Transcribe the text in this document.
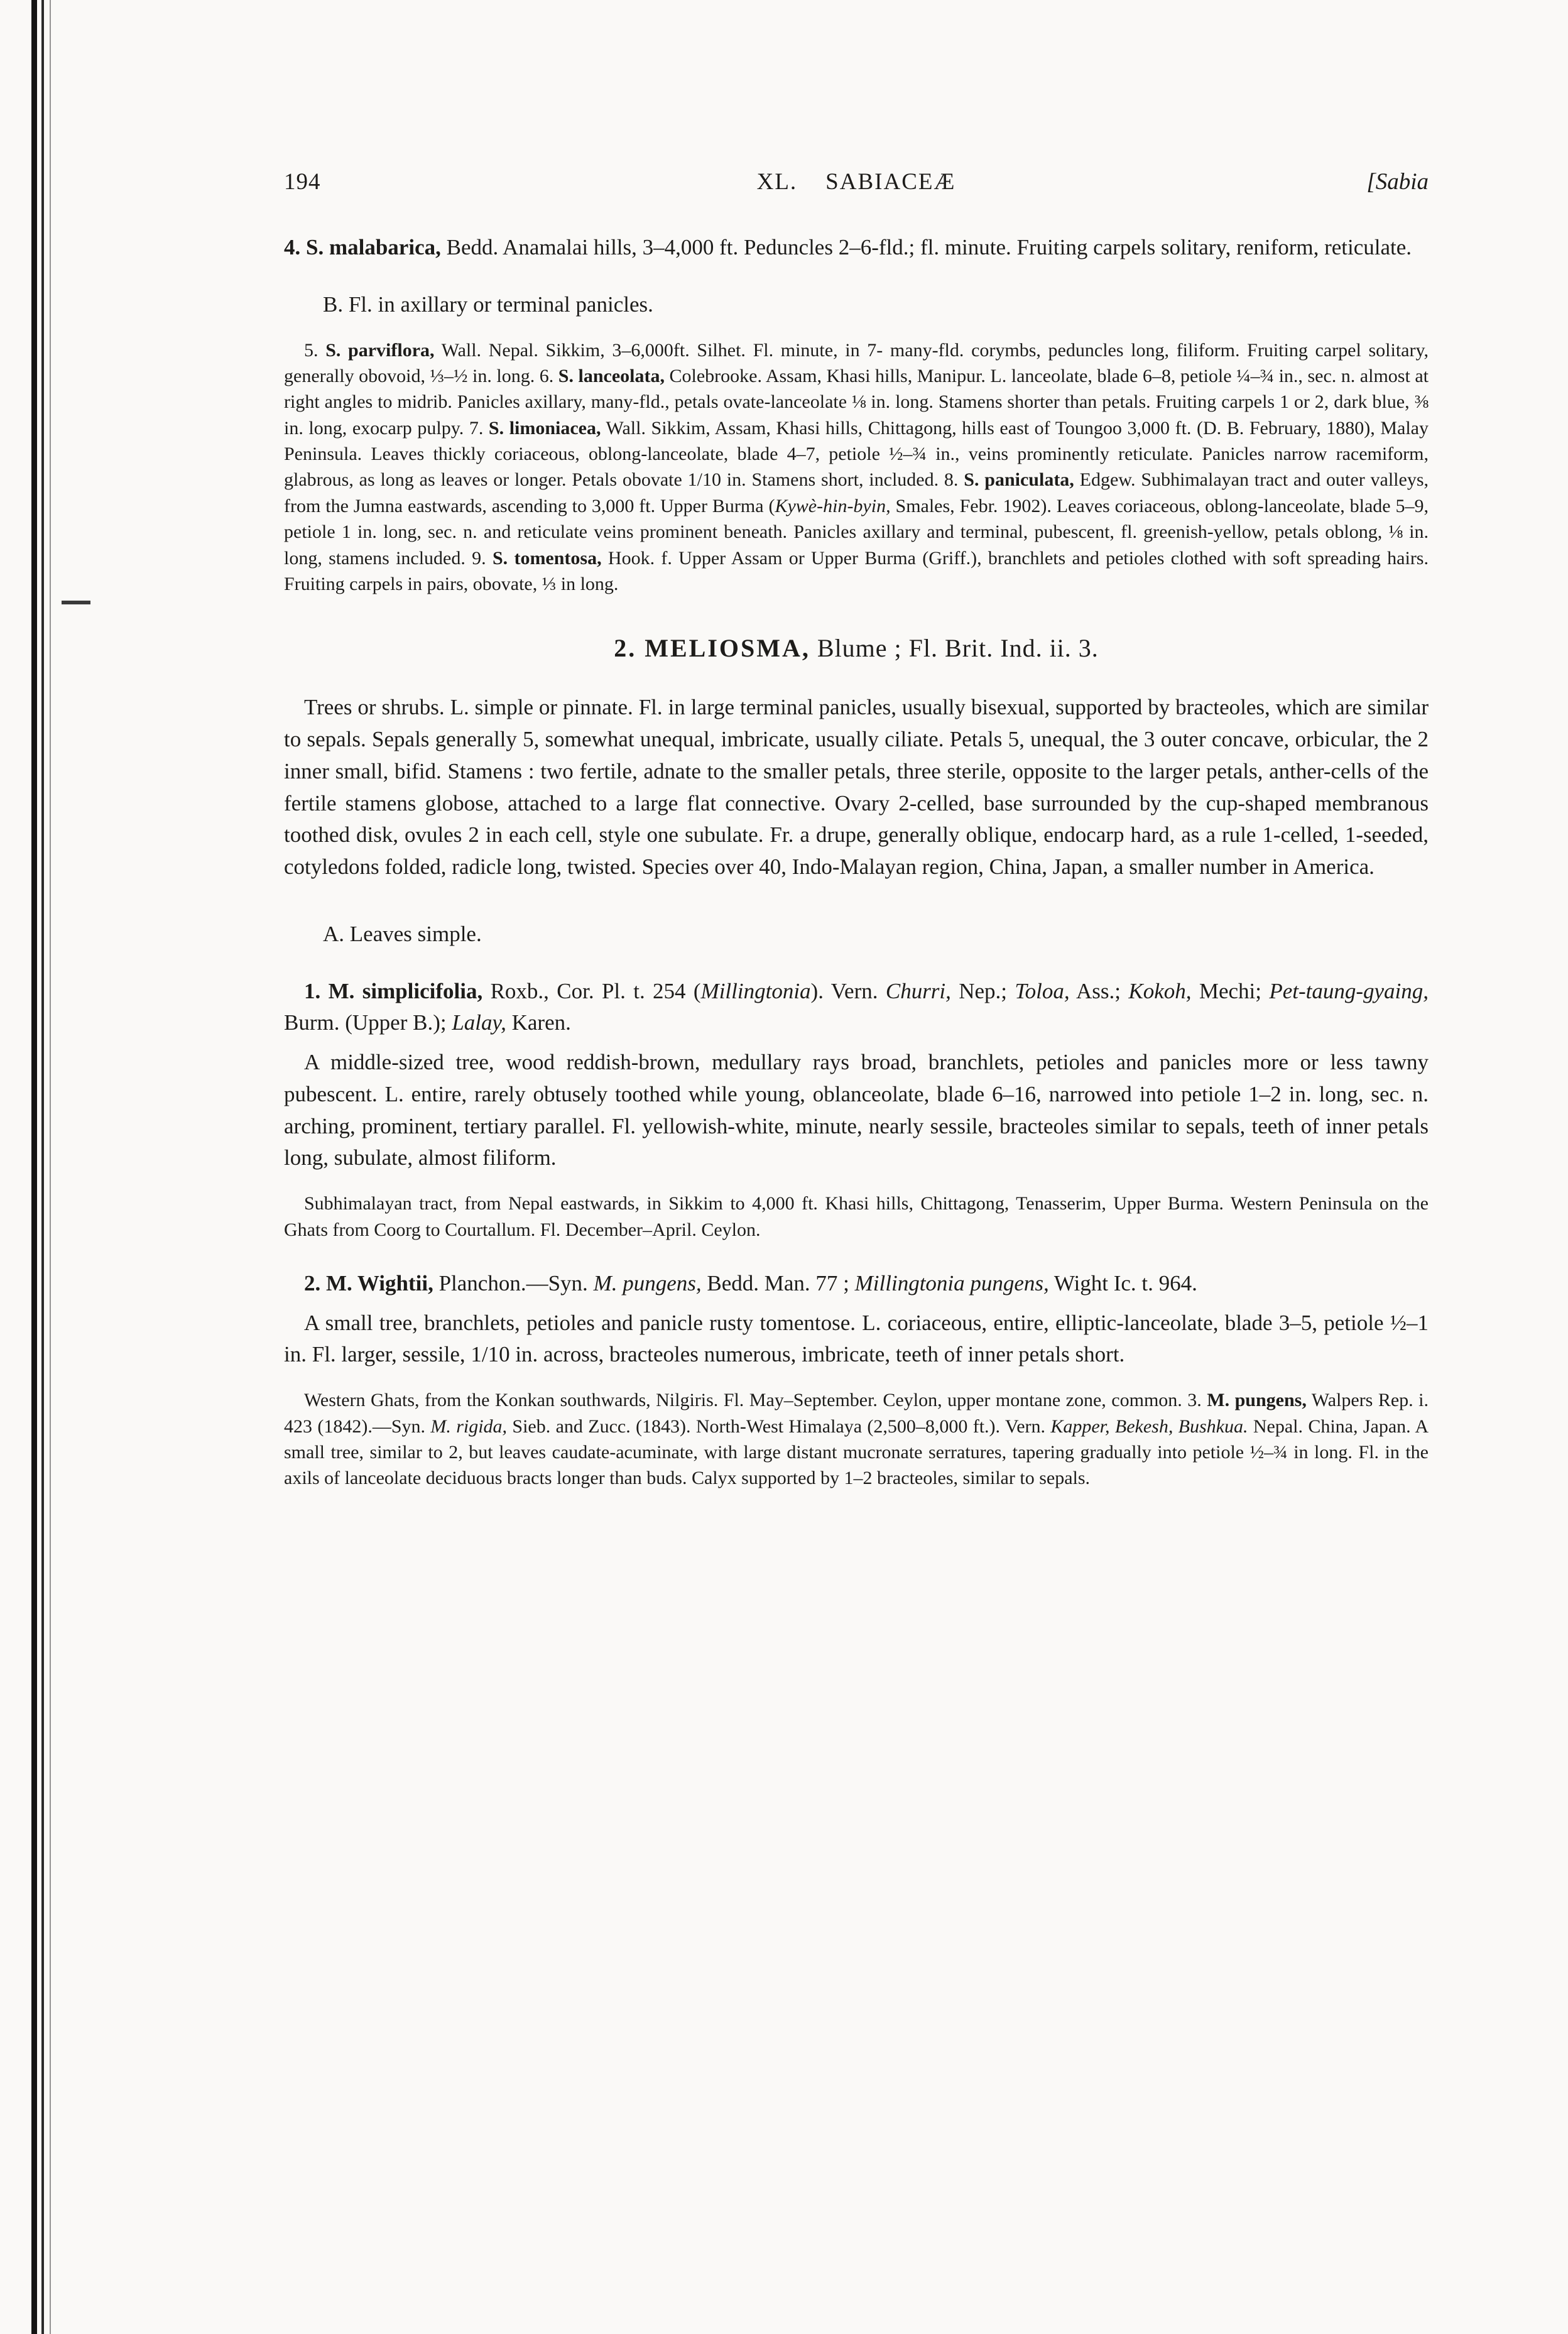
194	XL.    SABIACEÆ	[Sabia

4. S. malabarica, Bedd. Anamalai hills, 3–4,000 ft. Peduncles 2–6-fld.; fl. minute. Fruiting carpels solitary, reniform, reticulate.

B. Fl. in axillary or terminal panicles.

5. S. parviflora, Wall. Nepal. Sikkim, 3–6,000ft. Silhet. Fl. minute, in 7- many-fld. corymbs, peduncles long, filiform. Fruiting carpel solitary, generally obovoid, ⅓–½ in. long. 6. S. lanceolata, Colebrooke. Assam, Khasi hills, Manipur. L. lanceolate, blade 6–8, petiole ¼–¾ in., sec. n. almost at right angles to midrib. Panicles axillary, many-fld., petals ovate-lanceolate ⅛ in. long. Stamens shorter than petals. Fruiting carpels 1 or 2, dark blue, ⅜ in. long, exocarp pulpy. 7. S. limoniacea, Wall. Sikkim, Assam, Khasi hills, Chittagong, hills east of Toungoo 3,000 ft. (D. B. February, 1880), Malay Peninsula. Leaves thickly coriaceous, oblong-lanceolate, blade 4–7, petiole ½–¾ in., veins prominently reticulate. Panicles narrow racemiform, glabrous, as long as leaves or longer. Petals obovate 1/10 in. Stamens short, included. 8. S. paniculata, Edgew. Subhimalayan tract and outer valleys, from the Jumna eastwards, ascending to 3,000 ft. Upper Burma (Kywè-hin-byin, Smales, Febr. 1902). Leaves coriaceous, oblong-lanceolate, blade 5–9, petiole 1 in. long, sec. n. and reticulate veins prominent beneath. Panicles axillary and terminal, pubescent, fl. greenish-yellow, petals oblong, ⅛ in. long, stamens included. 9. S. tomentosa, Hook. f. Upper Assam or Upper Burma (Griff.), branchlets and petioles clothed with soft spreading hairs. Fruiting carpels in pairs, obovate, ⅓ in long.

2. MELIOSMA, Blume ; Fl. Brit. Ind. ii. 3.

Trees or shrubs. L. simple or pinnate. Fl. in large terminal panicles, usually bisexual, supported by bracteoles, which are similar to sepals. Sepals generally 5, somewhat unequal, imbricate, usually ciliate. Petals 5, unequal, the 3 outer concave, orbicular, the 2 inner small, bifid. Stamens : two fertile, adnate to the smaller petals, three sterile, opposite to the larger petals, anther-cells of the fertile stamens globose, attached to a large flat connective. Ovary 2-celled, base surrounded by the cup-shaped membranous toothed disk, ovules 2 in each cell, style one subulate. Fr. a drupe, generally oblique, endocarp hard, as a rule 1-celled, 1-seeded, cotyledons folded, radicle long, twisted. Species over 40, Indo-Malayan region, China, Japan, a smaller number in America.

A. Leaves simple.

1. M. simplicifolia, Roxb., Cor. Pl. t. 254 (Millingtonia). Vern. Churri, Nep.; Toloa, Ass.; Kokoh, Mechi; Pet-taung-gyaing, Burm. (Upper B.); Lalay, Karen.

A middle-sized tree, wood reddish-brown, medullary rays broad, branchlets, petioles and panicles more or less tawny pubescent. L. entire, rarely obtusely toothed while young, oblanceolate, blade 6–16, narrowed into petiole 1–2 in. long, sec. n. arching, prominent, tertiary parallel. Fl. yellowish-white, minute, nearly sessile, bracteoles similar to sepals, teeth of inner petals long, subulate, almost filiform.

Subhimalayan tract, from Nepal eastwards, in Sikkim to 4,000 ft. Khasi hills, Chittagong, Tenasserim, Upper Burma. Western Peninsula on the Ghats from Coorg to Courtallum. Fl. December–April. Ceylon.

2. M. Wightii, Planchon.—Syn. M. pungens, Bedd. Man. 77 ; Millingtonia pungens, Wight Ic. t. 964.

A small tree, branchlets, petioles and panicle rusty tomentose. L. coriaceous, entire, elliptic-lanceolate, blade 3–5, petiole ½–1 in. Fl. larger, sessile, 1/10 in. across, bracteoles numerous, imbricate, teeth of inner petals short.

Western Ghats, from the Konkan southwards, Nilgiris. Fl. May–September. Ceylon, upper montane zone, common. 3. M. pungens, Walpers Rep. i. 423 (1842).—Syn. M. rigida, Sieb. and Zucc. (1843). North-West Himalaya (2,500–8,000 ft.). Vern. Kapper, Bekesh, Bushkua. Nepal. China, Japan. A small tree, similar to 2, but leaves caudate-acuminate, with large distant mucronate serratures, tapering gradually into petiole ½–¾ in long. Fl. in the axils of lanceolate deciduous bracts longer than buds. Calyx supported by 1–2 bracteoles, similar to sepals.
